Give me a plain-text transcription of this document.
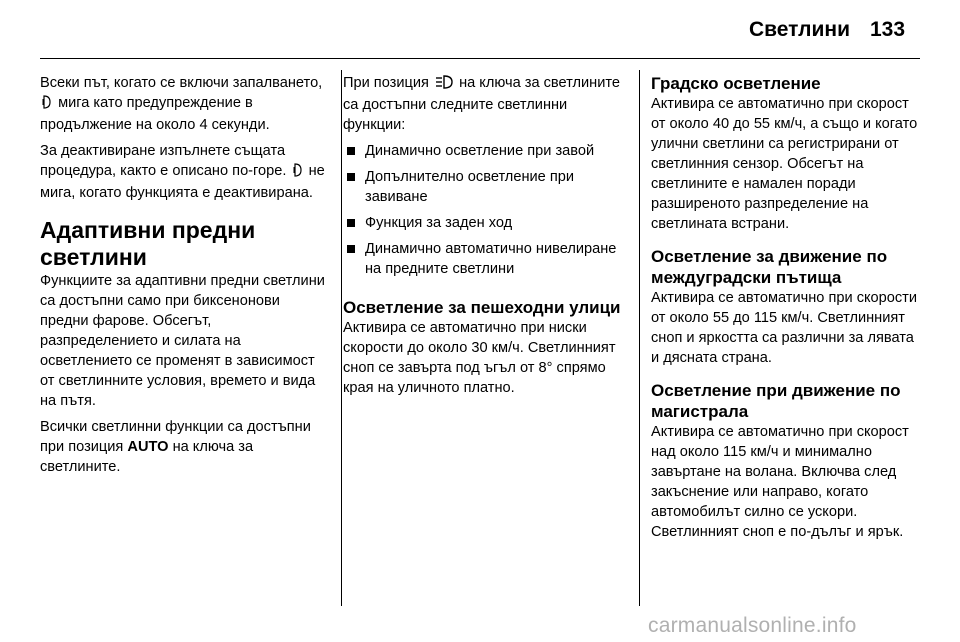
Светлини 133

Всеки път, когато се включи запалването,  мига като предупреждение в продължение на около 4 секунди.

За деактивиране изпълнете същата процедура, както е описано по-горе. не мига, когато функцията е деактивирана.

Адаптивни предни светлини

Функциите за адаптивни предни светлини са достъпни само при биксенонови предни фарове. Обсегът, разпределението и силата на осветлението се променят в зависимост от светлинните условия, времето и вида на пътя.

Всички светлинни функции са достъпни при позиция AUTO на ключа за светлините.

При позиция на ключа за светлините са достъпни следните светлинни функции:

Динамично осветление при завой
Допълнително осветление при завиване
Функция за заден ход
Динамично автоматично нивелиране на предните светлини
Осветление за пешеходни улици

Активира се автоматично при ниски скорости до около 30 км/ч. Светлинният сноп се завърта под ъгъл от 8° спрямо края на уличното платно.

Градско осветление

Активира се автоматично при скорост от около 40 до 55 км/ч, а също и когато улични светлини са регистрирани от светлинния сензор. Обсегът на светлините е намален поради разширеното разпределение на светлината встрани.

Осветление за движение по междуградски пътища

Активира се автоматично при скорости от около 55 до 115 км/ч. Светлинният сноп и яркостта са различни за лявата и дясната страна.

Осветление при движение по магистрала

Активира се автоматично при скорост над около 115 км/ч и минимално завъртане на волана. Включва след закъснение или направо, когато автомобилът силно се ускори. Светлинният сноп е по-дълъг и ярък.

carmanualsonline.info
